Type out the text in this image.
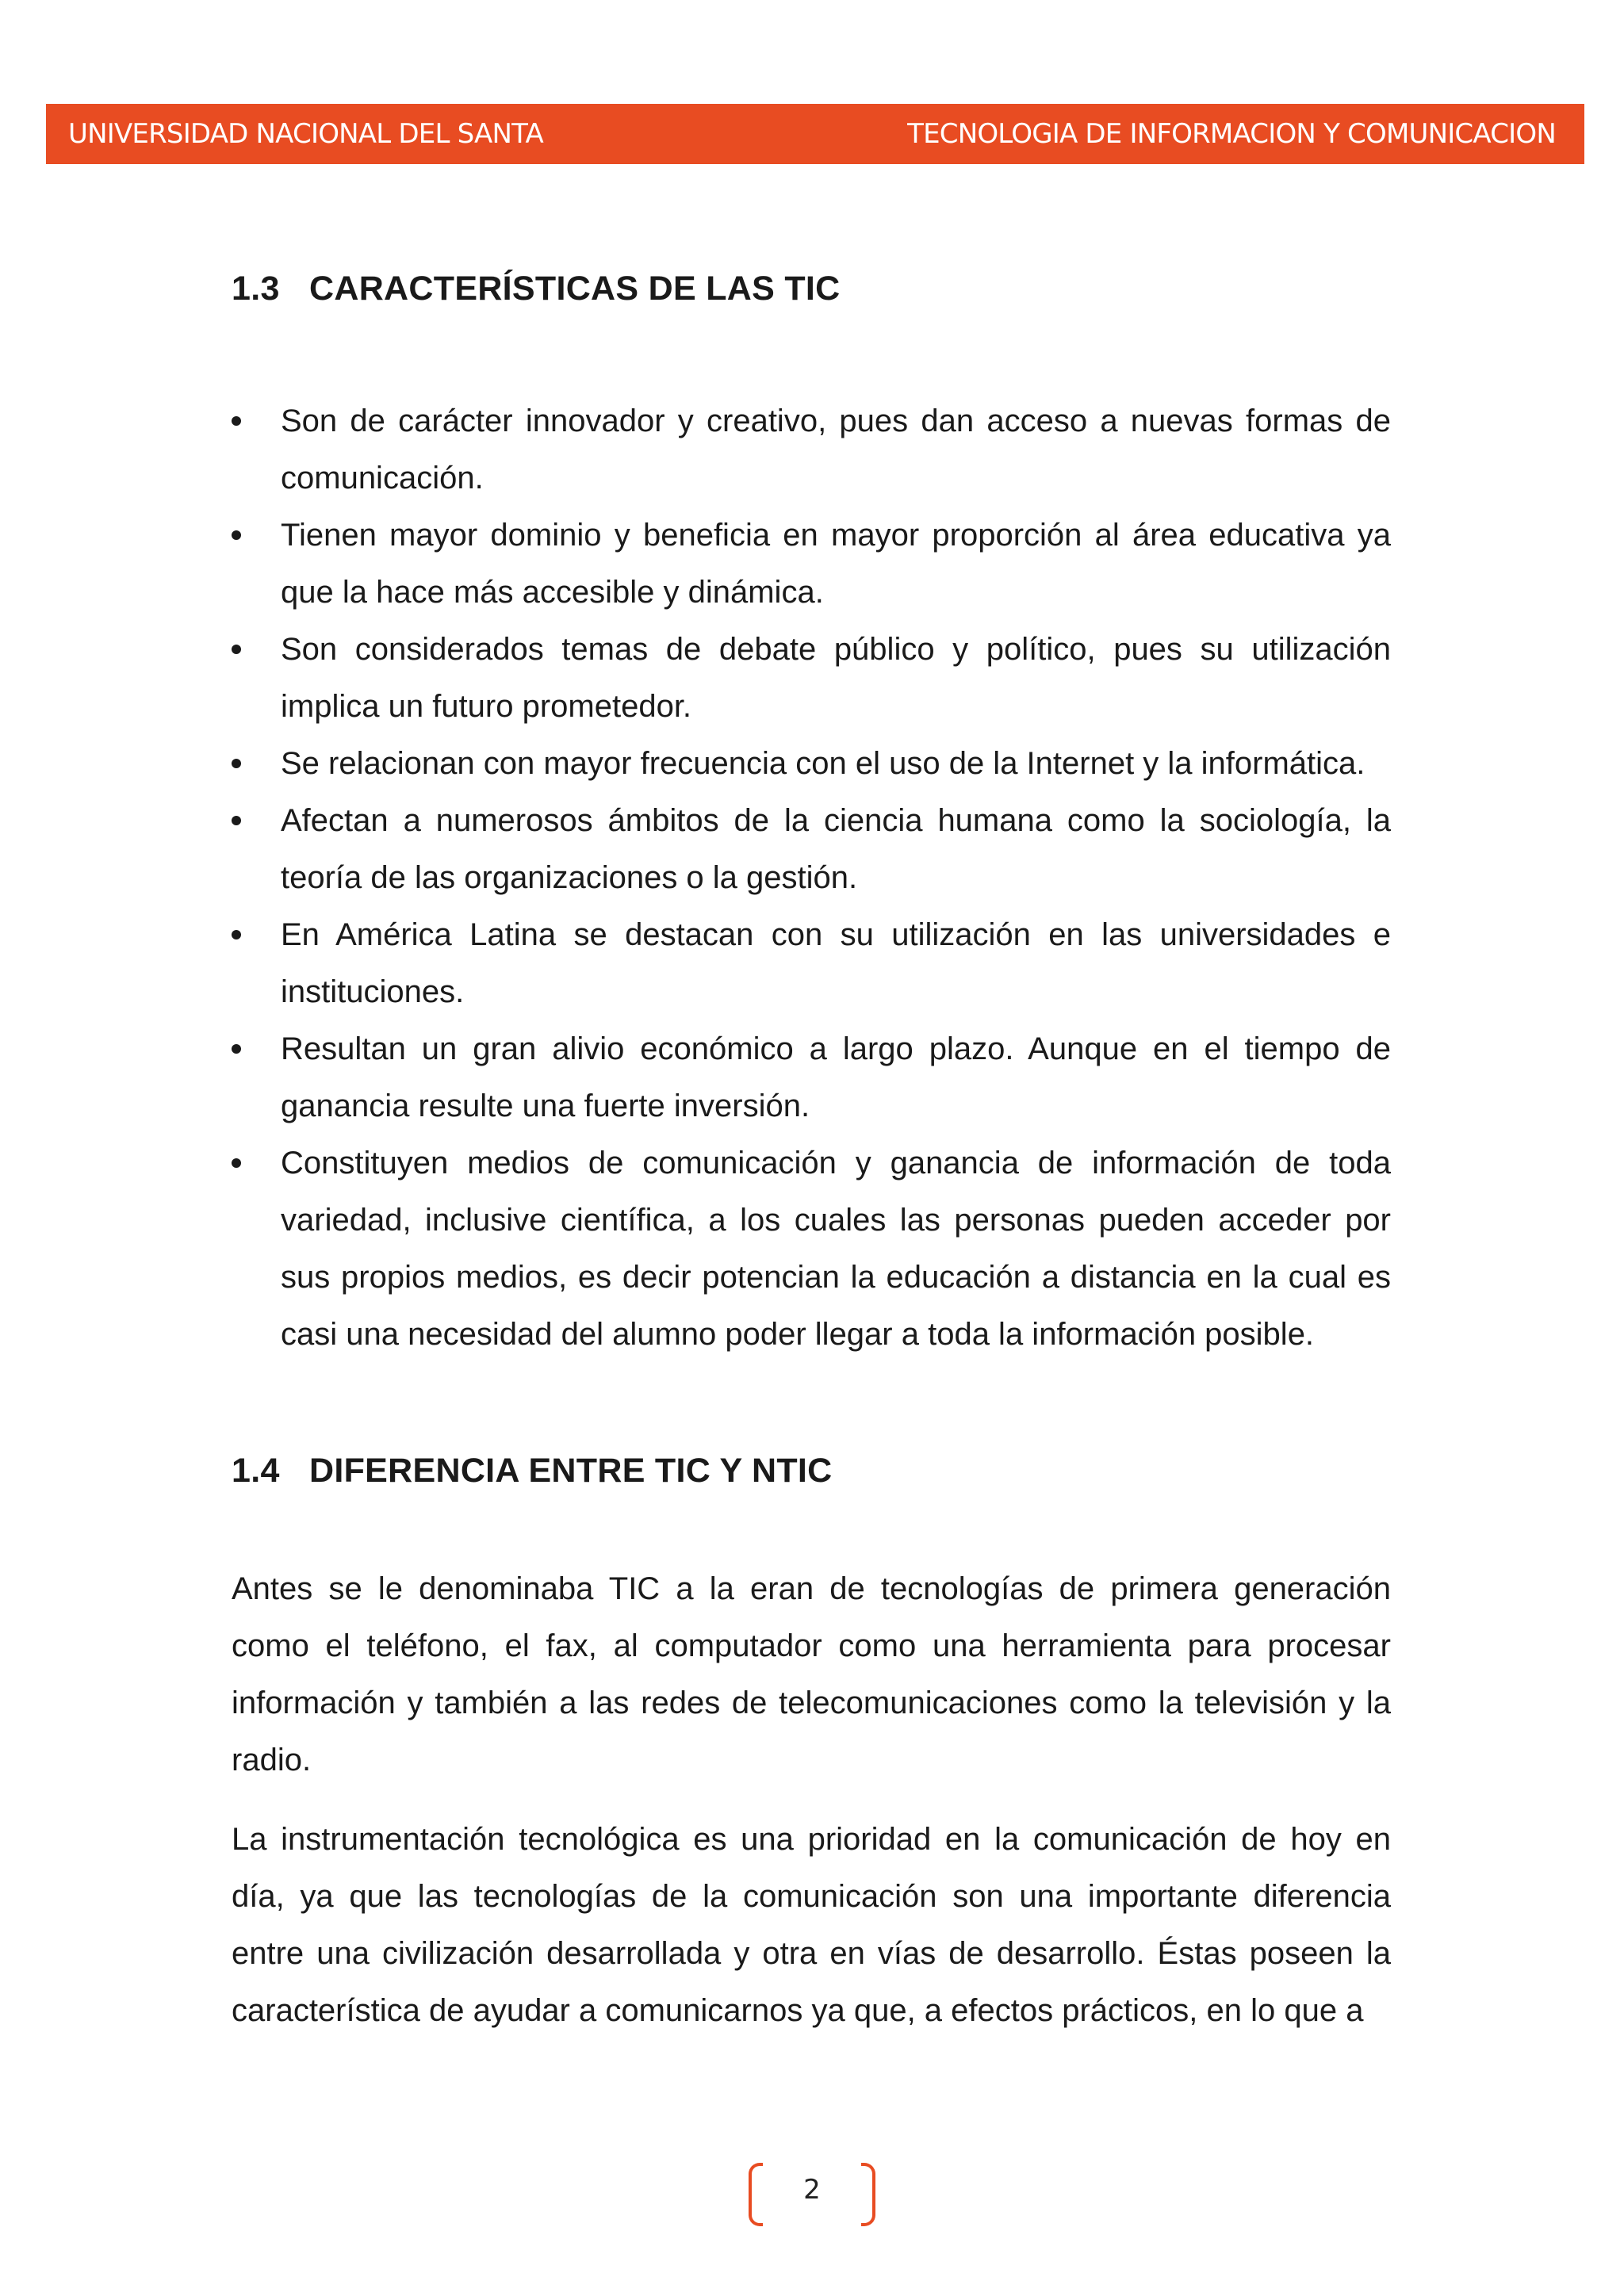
UNIVERSIDAD NACIONAL DEL SANTA	TECNOLOGIA DE INFORMACION Y COMUNICACION
1.3 CARACTERÍSTICAS DE LAS TIC
Son de carácter innovador y creativo, pues dan acceso a nuevas formas de comunicación.
Tienen mayor dominio y beneficia en mayor proporción al área educativa ya que la hace más accesible y dinámica.
Son considerados temas de debate público y político, pues su utilización implica un futuro prometedor.
Se relacionan con mayor frecuencia con el uso de la Internet y la informática.
Afectan a numerosos ámbitos de la ciencia humana como la sociología, la teoría de las organizaciones o la gestión.
En América Latina se destacan con su utilización en las universidades e instituciones.
Resultan un gran alivio económico a largo plazo. Aunque en el tiempo de ganancia resulte una fuerte inversión.
Constituyen medios de comunicación y ganancia de información de toda variedad, inclusive científica, a los cuales las personas pueden acceder por sus propios medios, es decir potencian la educación a distancia en la cual es casi una necesidad del alumno poder llegar a toda la información posible.
1.4 DIFERENCIA ENTRE TIC Y NTIC

Antes se le denominaba TIC a la eran de tecnologías de primera generación como el teléfono, el fax, al computador como una herramienta para procesar información y también a las redes de telecomunicaciones como la televisión y la radio.

La instrumentación tecnológica es una prioridad en la comunicación de hoy en día, ya que las tecnologías de la comunicación son una importante diferencia entre una civilización desarrollada y otra en vías de desarrollo. Éstas poseen la característica de ayudar a comunicarnos ya que, a efectos prácticos, en lo que a

2
